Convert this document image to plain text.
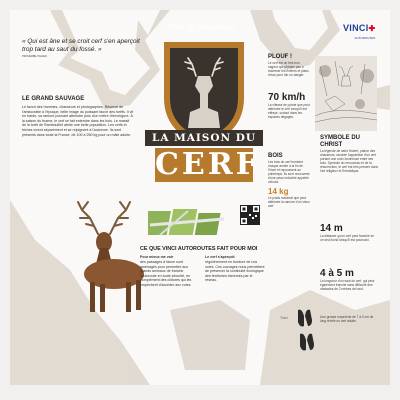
Fort & Généreux	VINCI✚
AUTOROUTES
« Qui est âne et se croit cerf s'en aperçoit trop tard au saut du fossé. »
PROVERBE ITALIEN
LA MAISON DU
CERF
LE GRAND SAUVAGE
Le favori des hommes, chasseurs et photographes. Réservé de l'aristocratie à l'époque, belle image du puissant fauve des forêts. Il vit en harde, sa ramure pouvant atteindre plus d'un mètre d'envergure. À la saison du brame, le cerf se fait entendre dans les bois. Le massif de la forêt de Rambouillet abrite une belle population. Les cerfs et biches vivent séparément et se rejoignent à l'automne. Ils sont présents dans toute la France, de 100 à 250 kg pour un mâle adulte.
CE QUE VINCI AUTOROUTES FAIT POUR MOI
Pour mieux me voir
des passages à faune sont aménagés pour permettre aux grands animaux de franchir l'autoroute en toute sécurité, en complément des clôtures qui les empêchent d'accéder aux voies.
Le cerf s'aperçoit
régulièrement en bordure de nos voies. Ces ouvrages nous permettent de préserver la continuité écologique des territoires traversés par le réseau.
PLOUF !
Le cerf est un très bon nageur qui n'hésite pas à traverser les rivières et plans d'eau pour fuir un danger.
70 km/h
La vitesse de pointe que peut atteindre le cerf lorsqu'il est effrayé, surtout dans les espaces dégagés.
BOIS
Les bois du cerf tombent chaque année à la fin de l'hiver et repoussent au printemps. Ils sont recouverts d'une peau veloutée appelée velours.
14 kg
Le poids maximal que peut atteindre la ramure d'un vieux cerf.
SYMBOLE DU CHRIST
La légende de saint Hubert, patron des chasseurs, raconte l'apparition d'un cerf portant une croix lumineuse entre ses bois. Symbole du renouveau et de la résurrection, le cerf est très présent dans l'art religieux et l'héraldique.
14 m
La distance qu'un cerf peut franchir en un seul bond lorsqu'il est poursuivi.
4 à 5 m
La longueur d'un saut du cerf, qui peut également franchir sans difficulté des obstacles de 2 mètres de haut.
7cm	Une grosse empreinte de 7 à 9 cm de long révèle un cerf adulte.
